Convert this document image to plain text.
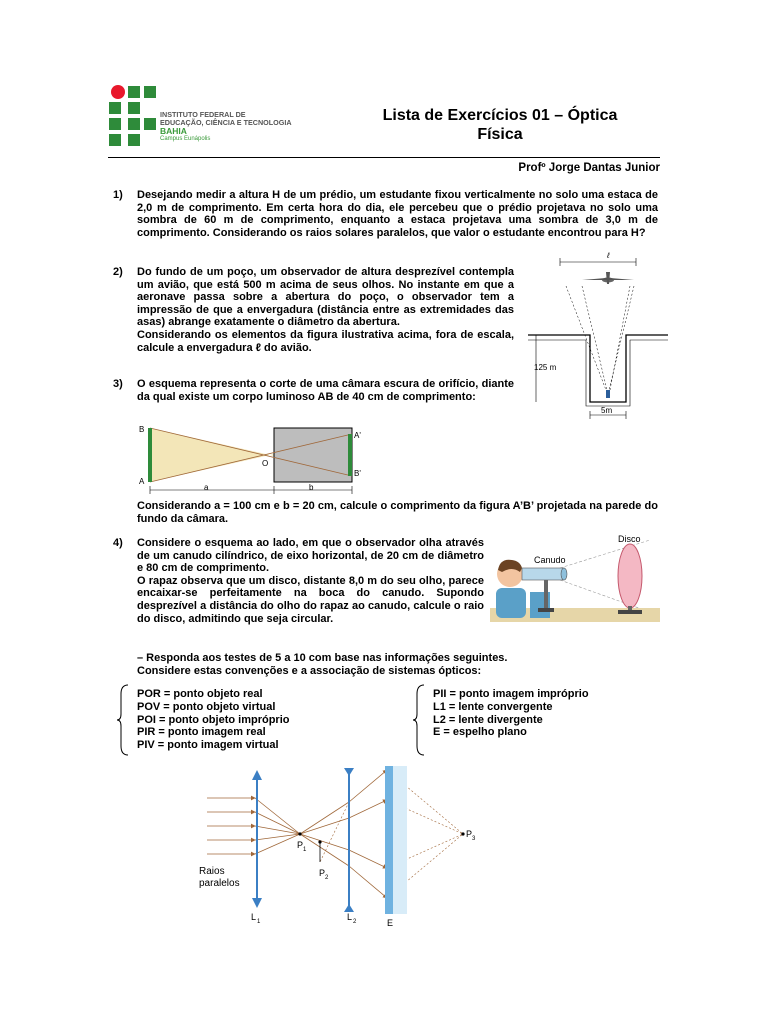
INSTITUTO FEDERAL DE
EDUCAÇÃO, CIÊNCIA E TECNOLOGIA
BAHIA
Campus Eunápolis
Lista de Exercícios 01 – Óptica
Física
Profº Jorge Dantas Junior
1) Desejando medir a altura H de um prédio, um estudante fixou verticalmente no solo uma estaca de 2,0 m de comprimento. Em certa hora do dia, ele percebeu que o prédio projetava no solo uma sombra de 60 m de comprimento, enquanto a estaca projetava uma sombra de 3,0 m de comprimento. Considerando os raios solares paralelos, que valor o estudante encontrou para H?
2) Do fundo de um poço, um observador de altura desprezível contempla um avião, que está 500 m acima de seus olhos. No instante em que a aeronave passa sobre a abertura do poço, o observador tem a impressão de que a envergadura (distância entre as extremidades das asas) abrange exatamente o diâmetro da abertura.
Considerando os elementos da figura ilustrativa acima, fora de escala, calcule a envergadura ℓ do avião.
ℓ
125 m
5m
3) O esquema representa o corte de uma câmara escura de orifício, diante da qual existe um corpo luminoso AB de 40 cm de comprimento:
B
A
A'
B'
O
a	b
Considerando a = 100 cm e b = 20 cm, calcule o comprimento da figura A’B’ projetada na parede do fundo da câmara.
4) Considere o esquema ao lado, em que o observador olha através de um canudo cilíndrico, de eixo horizontal, de 20 cm de diâmetro e 80 cm de comprimento.
O rapaz observa que um disco, distante 8,0 m do seu olho, parece encaixar-se perfeitamente na boca do canudo. Supondo desprezível a distância do olho do rapaz ao canudo, calcule o raio do disco, admitindo que seja circular.
Canudo
Disco
– Responda aos testes de 5 a 10 com base nas informações seguintes.
Considere estas convenções e a associação de sistemas ópticos:
POR = ponto objeto real
POV = ponto objeto virtual
POI = ponto objeto impróprio
PIR = ponto imagem real
PIV = ponto imagem virtual
PII = ponto imagem impróprio
L1 = lente convergente
L2 = lente divergente
E = espelho plano
P 1
P 2
P 3
Raios
paralelos
L 1	L 2	E
